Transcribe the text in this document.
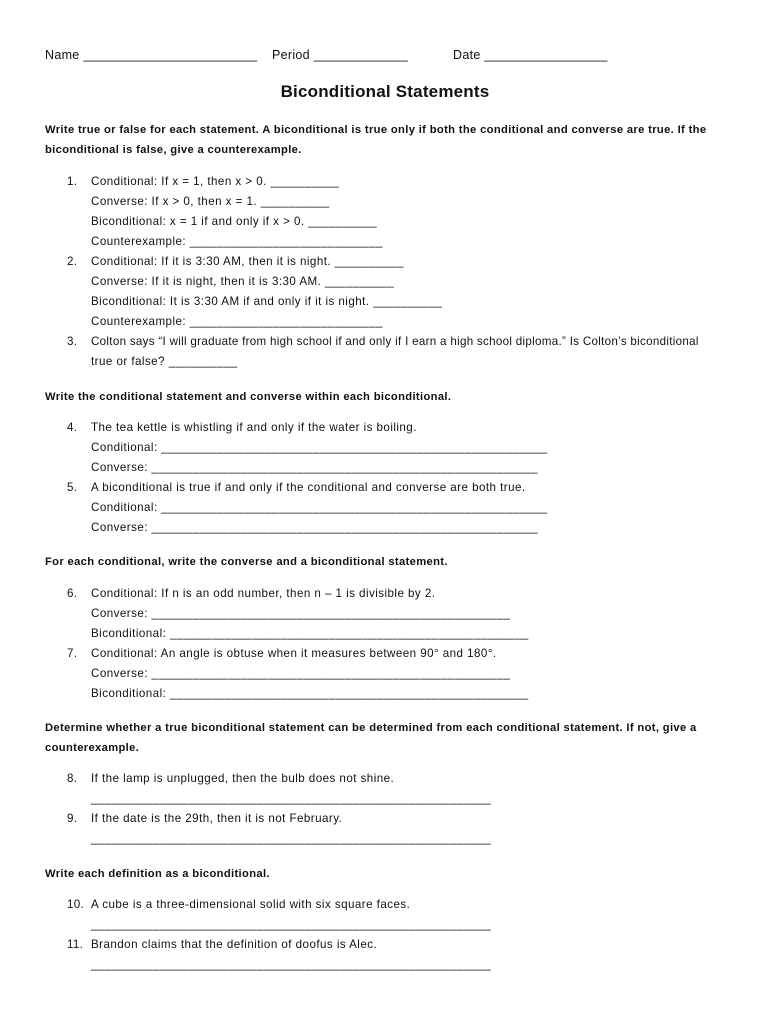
Name ________________________ Period _____________	Date _________________
Biconditional Statements
Write true or false for each statement. A biconditional is true only if both the conditional and converse are true. If the biconditional is false, give a counterexample.
1. Conditional: If x = 1, then x > 0. __________
Converse: If x > 0, then x = 1. __________
Biconditional: x = 1 if and only if x > 0. __________
Counterexample: ____________________________
2. Conditional: If it is 3:30 AM, then it is night. __________
Converse: If it is night, then it is 3:30 AM. __________
Biconditional: It is 3:30 AM if and only if it is night. __________
Counterexample: ____________________________
3. Colton says “I will graduate from high school if and only if I earn a high school diploma.” Is Colton’s biconditional
true or false? __________
Write the conditional statement and converse within each biconditional.
4. The tea kettle is whistling if and only if the water is boiling.
Conditional: ________________________________________________________
Converse: ________________________________________________________
5. A biconditional is true if and only if the conditional and converse are both true.
Conditional: ________________________________________________________
Converse: ________________________________________________________
For each conditional, write the converse and a biconditional statement.
6. Conditional: If n is an odd number, then n – 1 is divisible by 2.
Converse: ____________________________________________________
Biconditional: ____________________________________________________
7. Conditional: An angle is obtuse when it measures between 90° and 180°.
Converse: ____________________________________________________
Biconditional: ____________________________________________________
Determine whether a true biconditional statement can be determined from each conditional statement. If not, give a counterexample.
8. If the lamp is unplugged, then the bulb does not shine.
__________________________________________________________
9. If the date is the 29th, then it is not February.
__________________________________________________________
Write each definition as a biconditional.
10. A cube is a three-dimensional solid with six square faces.
__________________________________________________________
11. Brandon claims that the definition of doofus is Alec.
__________________________________________________________
